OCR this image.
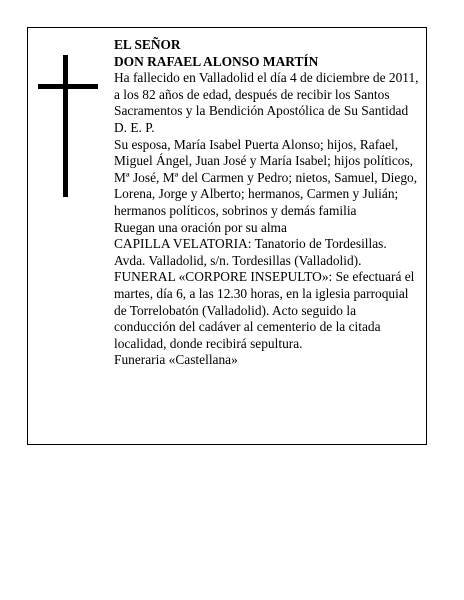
EL SEÑOR

DON RAFAEL ALONSO MARTÍN

Ha fallecido en Valladolid el día 4 de diciembre de 2011, a los 82 años de edad, después de recibir los Santos Sacramentos y la Bendición Apostólica de Su Santidad

D. E. P.

Su esposa, María Isabel Puerta Alonso; hijos, Rafael, Miguel Ángel, Juan José y María Isabel; hijos políticos, Mª José, Mª del Carmen y Pedro; nietos, Samuel, Diego, Lorena, Jorge y Alberto; hermanos, Carmen y Julián; hermanos políticos, sobrinos y demás familia

Ruegan una oración por su alma

CAPILLA VELATORIA: Tanatorio de Tordesillas. Avda. Valladolid, s/n. Tordesillas (Valladolid).

FUNERAL «CORPORE INSEPULTO»: Se efectuará el martes, día 6, a las 12.30 horas, en la iglesia parroquial de Torrelobatón (Valladolid). Acto seguido la conducción del cadáver al cementerio de la citada localidad, donde recibirá sepultura.

Funeraria «Castellana»
